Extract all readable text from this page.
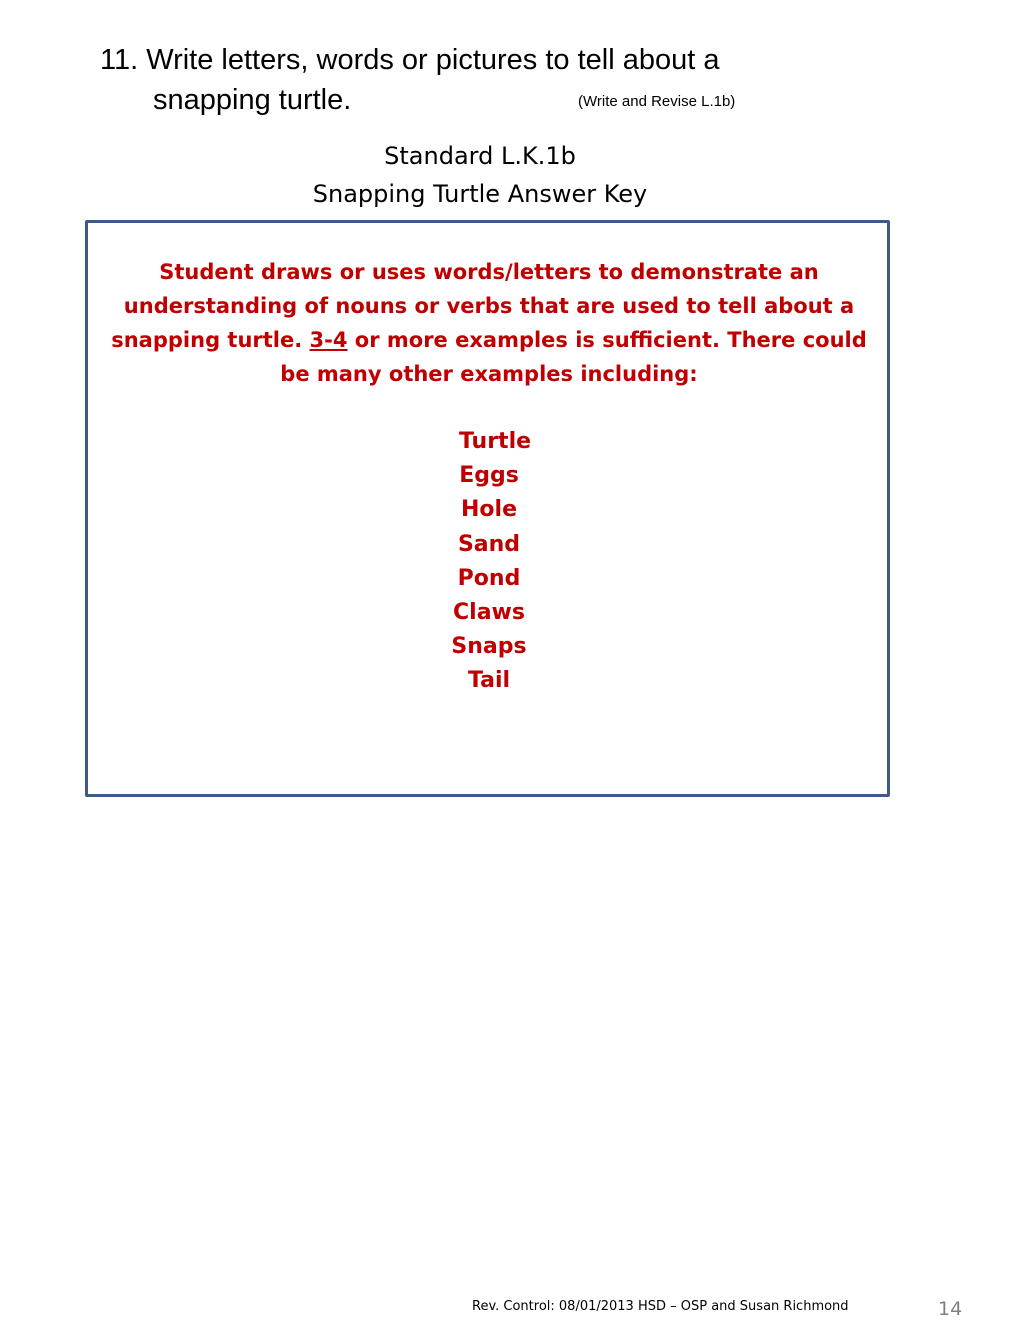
11. Write letters, words or pictures to tell about a
snapping turtle.	(Write and Revise L.1b)
Standard L.K.1b
Snapping Turtle Answer Key
Student draws or uses words/letters to demonstrate an understanding of nouns or verbs that are used to tell about a snapping turtle. 3-4 or more examples is sufficient. There could be many other examples including:
Turtle
Eggs
Hole
Sand
Pond
Claws
Snaps
Tail
Rev. Control: 08/01/2013 HSD – OSP and Susan Richmond	14
